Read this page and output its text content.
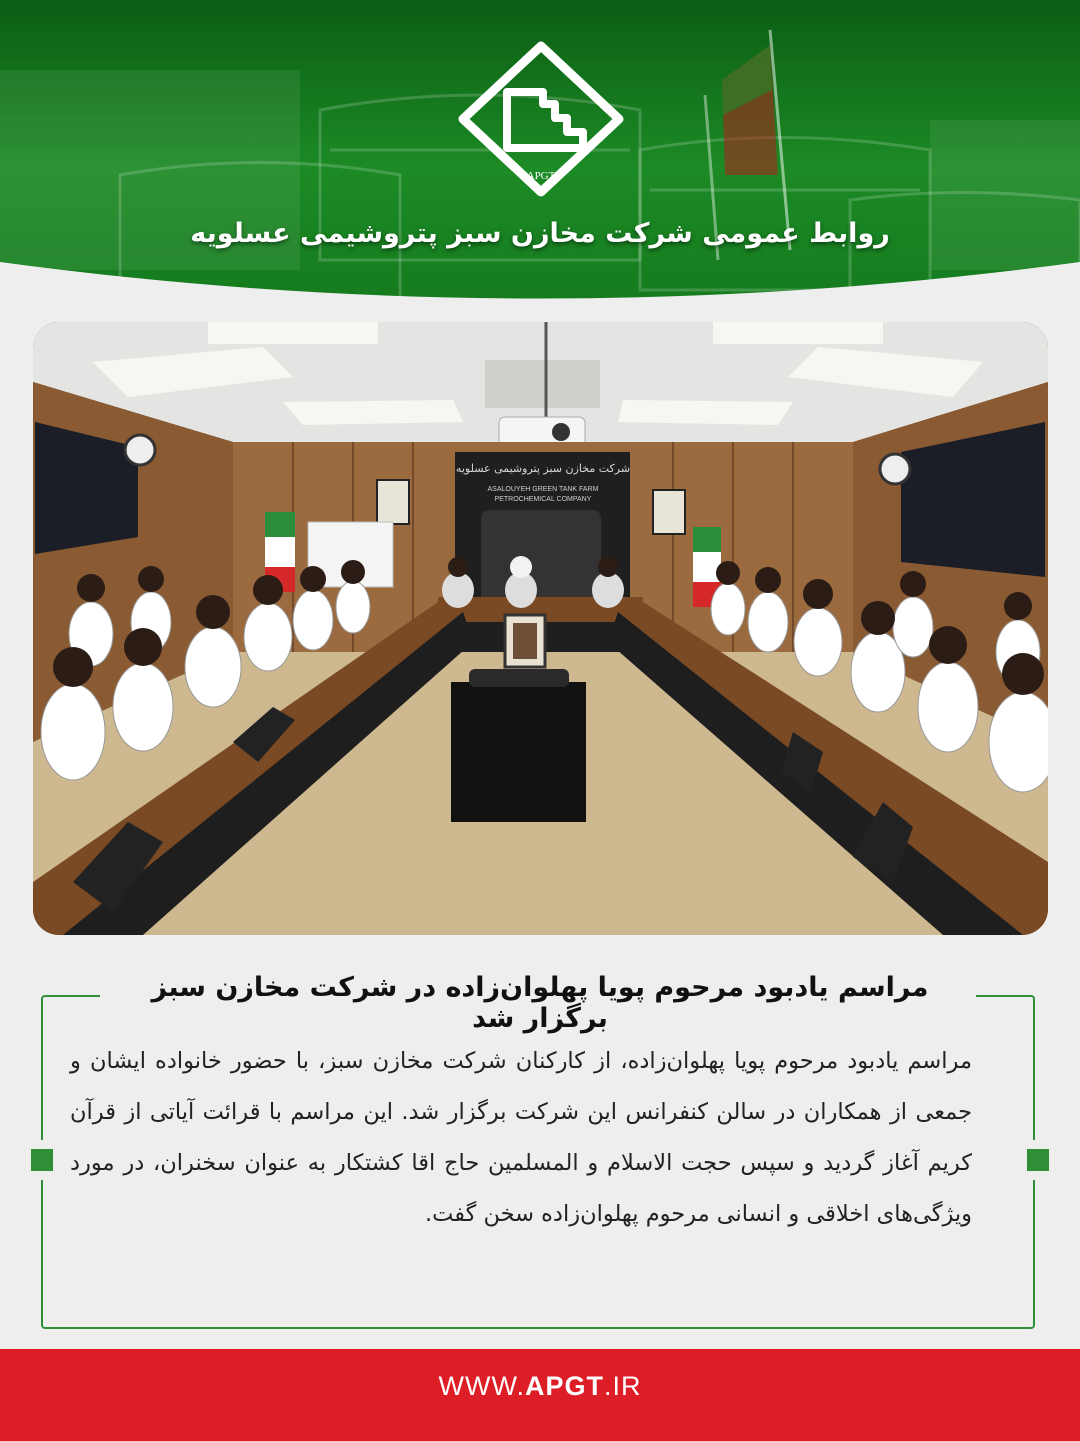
APGT
روابط عمومی شرکت مخازن سبز پتروشیمی عسلویه
شرکت مخازن سبز پتروشیمی عسلویه
ASALOUYEH GREEN TANK FARM
PETROCHEMICAL COMPANY
مراسم یادبود مرحوم پویا پهلوان‌زاده در شرکت مخازن سبز برگزار شد
مراسم یادبود مرحوم پویا پهلوان‌زاده، از کارکنان شرکت مخازن سبز، با حضور خانواده ایشان و جمعی از همکاران در سالن کنفرانس این شرکت برگزار شد. این مراسم با قرائت آیاتی از قرآن کریم آغاز گردید و سپس حجت الاسلام و المسلمین حاج اقا کشتکار به عنوان سخنران، در مورد ویژگی‌های اخلاقی و انسانی مرحوم پهلوان‌زاده سخن گفت.
WWW.APGT.IR
